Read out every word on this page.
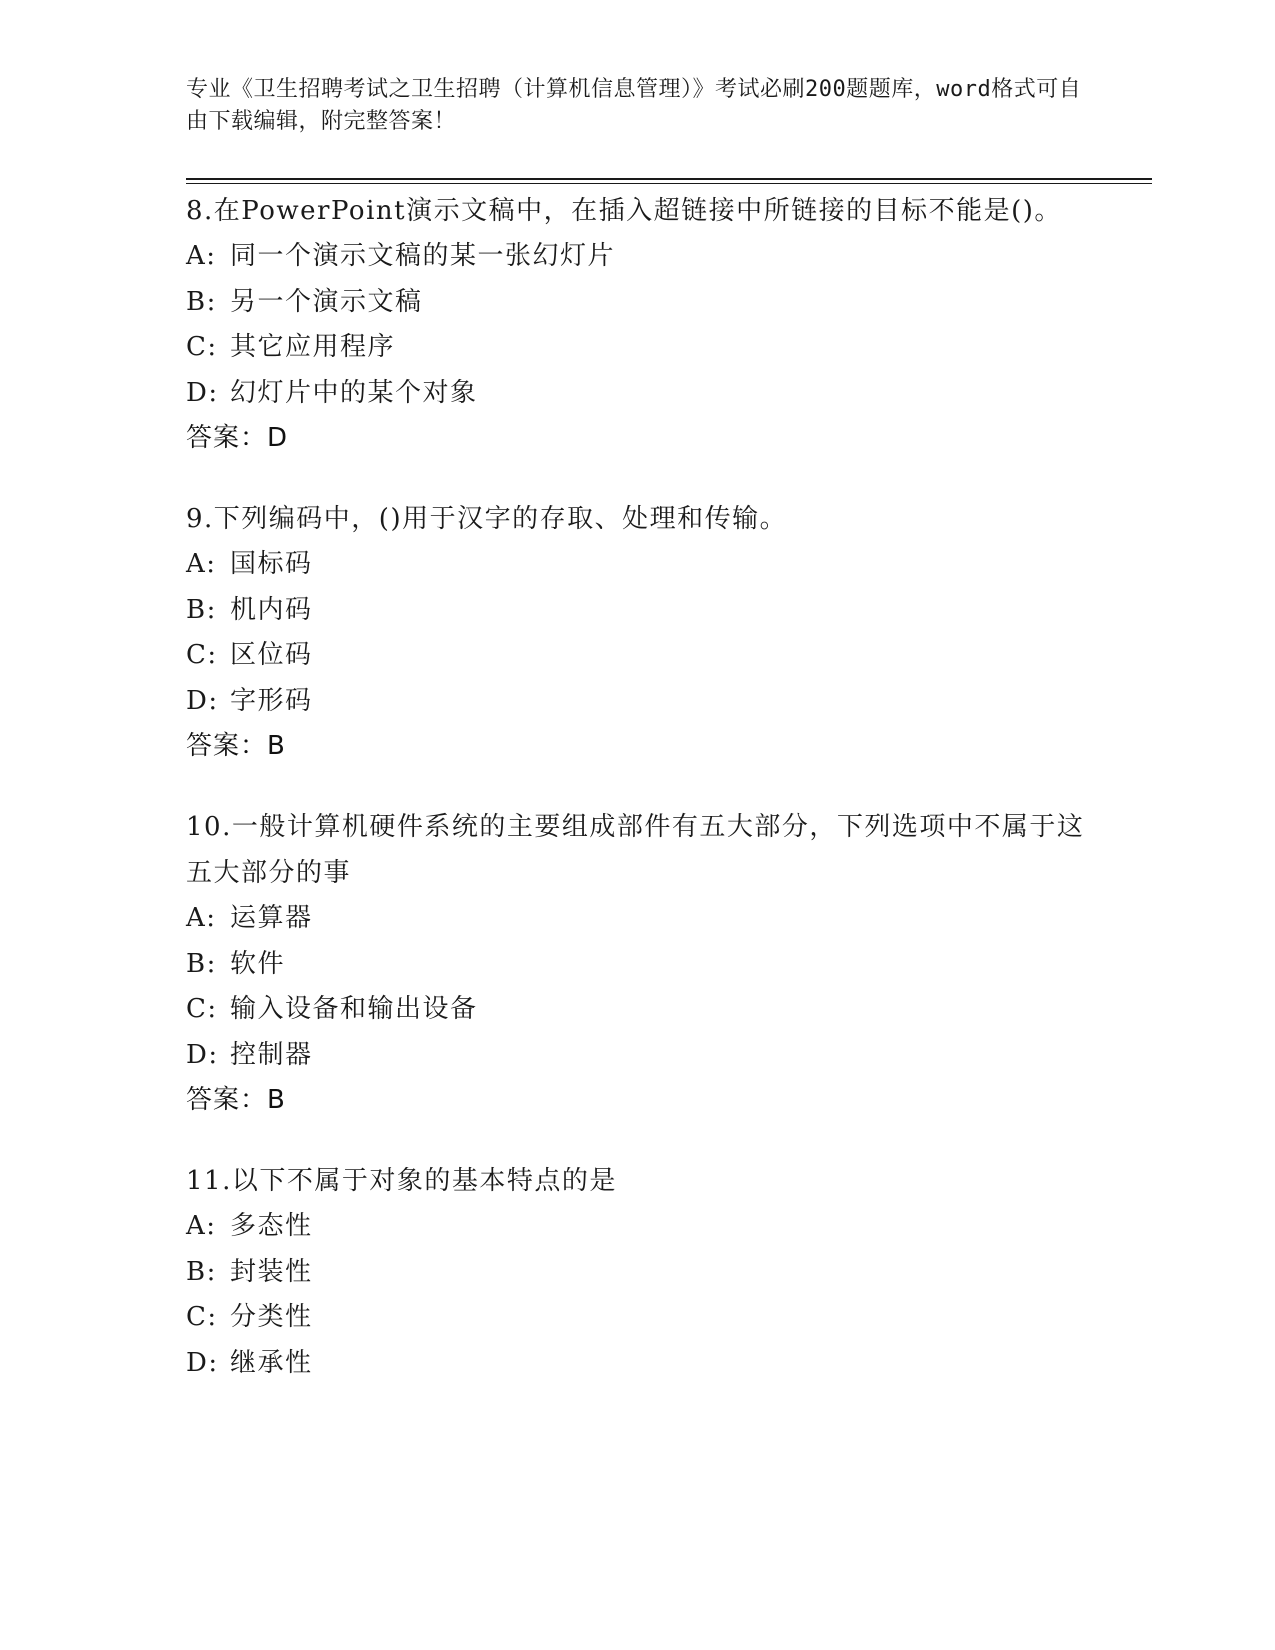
专业《卫生招聘考试之卫生招聘（计算机信息管理）》考试必刷200题题库，word格式可自由下载编辑，附完整答案！
8.在PowerPoint演示文稿中，在插入超链接中所链接的目标不能是()。
A: 同一个演示文稿的某一张幻灯片
B: 另一个演示文稿
C: 其它应用程序
D: 幻灯片中的某个对象
答案：D
9.下列编码中，()用于汉字的存取、处理和传输。
A: 国标码
B: 机内码
C: 区位码
D: 字形码
答案：B
10.一般计算机硬件系统的主要组成部件有五大部分，下列选项中不属于这五大部分的事
A: 运算器
B: 软件
C: 输入设备和输出设备
D: 控制器
答案：B
11.以下不属于对象的基本特点的是
A: 多态性
B: 封装性
C: 分类性
D: 继承性
